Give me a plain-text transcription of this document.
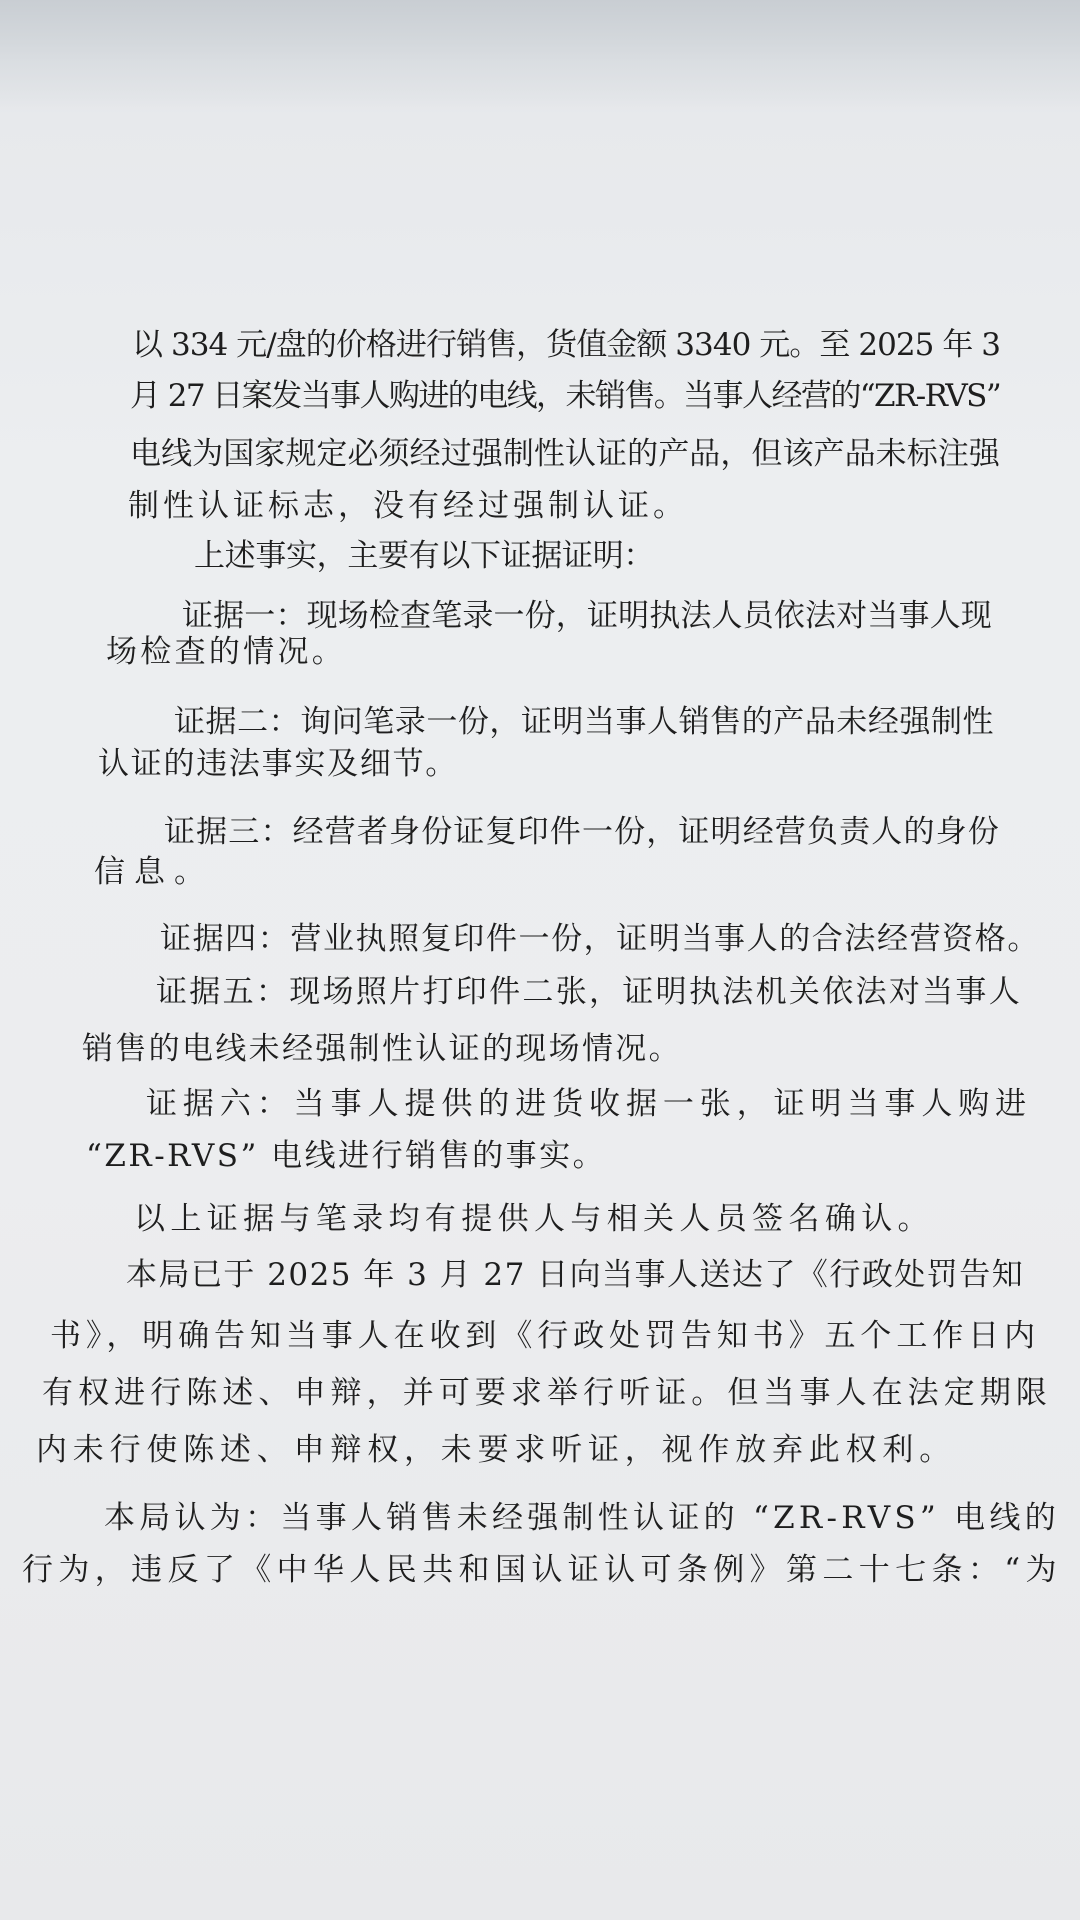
以 334 元/盘的价格进行销售，货值金额 3340 元。至 2025 年 3
月 27 日案发当事人购进的电线，未销售。当事人经营的“ZR-RVS”
电线为国家规定必须经过强制性认证的产品，但该产品未标注强
制性认证标志，没有经过强制认证。
上述事实，主要有以下证据证明：
证据一：现场检查笔录一份，证明执法人员依法对当事人现
场检查的情况。
证据二：询问笔录一份，证明当事人销售的产品未经强制性
认证的违法事实及细节。
证据三：经营者身份证复印件一份，证明经营负责人的身份
信息。
证据四：营业执照复印件一份，证明当事人的合法经营资格。
证据五：现场照片打印件二张，证明执法机关依法对当事人
销售的电线未经强制性认证的现场情况。
证据六：当事人提供的进货收据一张，证明当事人购进
“ZR-RVS” 电线进行销售的事实。
以上证据与笔录均有提供人与相关人员签名确认。
本局已于 2025 年 3 月 27 日向当事人送达了《行政处罚告知
书》，明确告知当事人在收到《行政处罚告知书》五个工作日内
有权进行陈述、申辩，并可要求举行听证。但当事人在法定期限
内未行使陈述、申辩权，未要求听证，视作放弃此权利。
本局认为：当事人销售未经强制性认证的 “ZR-RVS” 电线的
行为，违反了《中华人民共和国认证认可条例》第二十七条：“为
